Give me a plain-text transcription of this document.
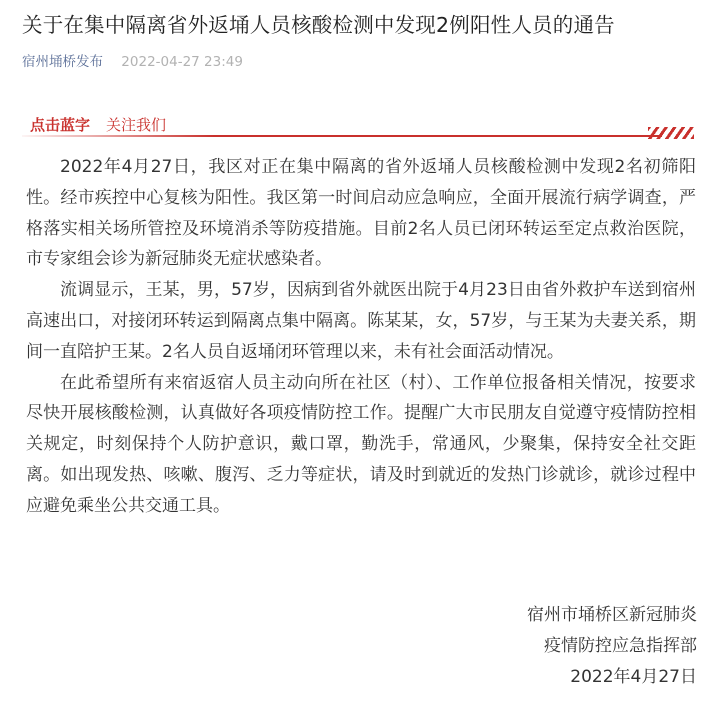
关于在集中隔离省外返埇人员核酸检测中发现2例阳性人员的通告
宿州埇桥发布 2022-04-27 23:49
点击蓝字 关注我们

2022年4月27日，我区对正在集中隔离的省外返埇人员核酸检测中发现2名初筛阳性。经市疾控中心复核为阳性。我区第一时间启动应急响应，全面开展流行病学调查，严格落实相关场所管控及环境消杀等防疫措施。目前2名人员已闭环转运至定点救治医院，市专家组会诊为新冠肺炎无症状感染者。

流调显示，王某，男，57岁，因病到省外就医出院于4月23日由省外救护车送到宿州高速出口，对接闭环转运到隔离点集中隔离。陈某某，女，57岁，与王某为夫妻关系，期间一直陪护王某。2名人员自返埇闭环管理以来，未有社会面活动情况。

在此希望所有来宿返宿人员主动向所在社区（村）、工作单位报备相关情况，按要求尽快开展核酸检测，认真做好各项疫情防控工作。提醒广大市民朋友自觉遵守疫情防控相关规定，时刻保持个人防护意识，戴口罩，勤洗手，常通风，少聚集，保持安全社交距离。如出现发热、咳嗽、腹泻、乏力等症状，请及时到就近的发热门诊就诊，就诊过程中应避免乘坐公共交通工具。

宿州市埇桥区新冠肺炎
疫情防控应急指挥部
2022年4月27日
